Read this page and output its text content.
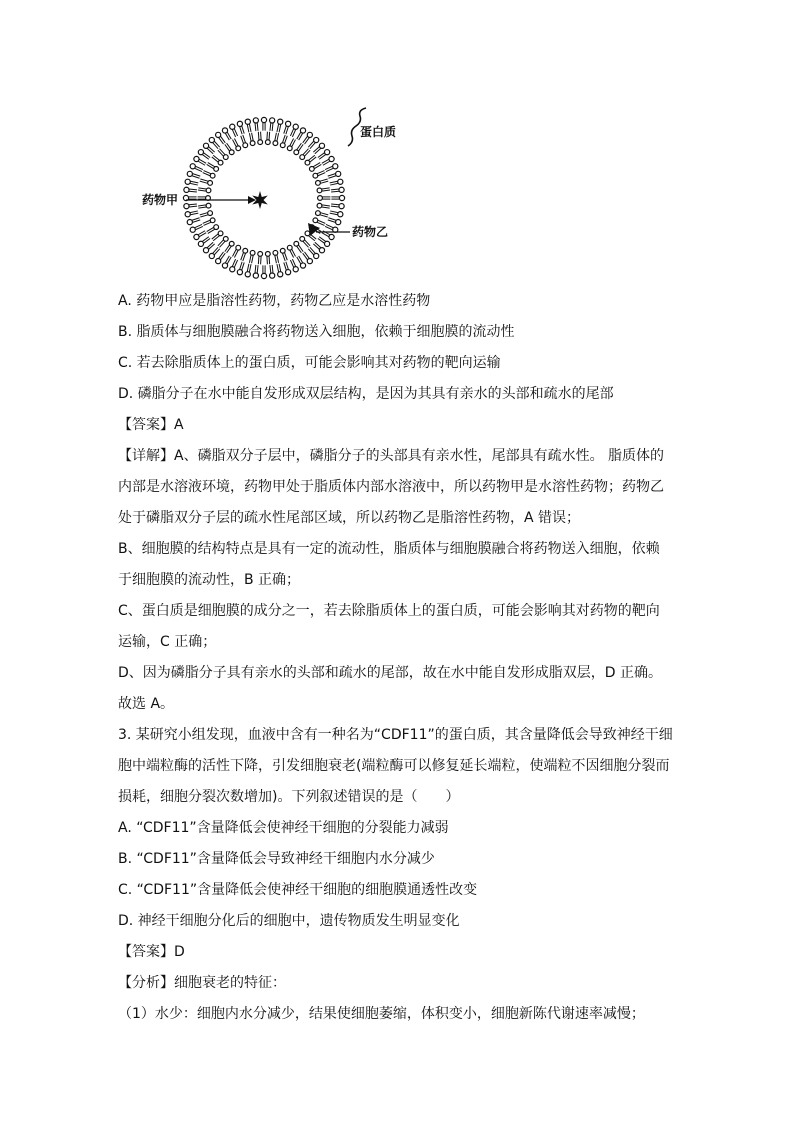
蛋白质
药物甲
药物乙
A. 药物甲应是脂溶性药物，药物乙应是水溶性药物
B. 脂质体与细胞膜融合将药物送入细胞，依赖于细胞膜的流动性
C. 若去除脂质体上的蛋白质，可能会影响其对药物的靶向运输
D. 磷脂分子在水中能自发形成双层结构，是因为其具有亲水的头部和疏水的尾部
【答案】A
【详解】A、磷脂双分子层中，磷脂分子的头部具有亲水性，尾部具有疏水性。 脂质体的
内部是水溶液环境，药物甲处于脂质体内部水溶液中，所以药物甲是水溶性药物；药物乙
处于磷脂双分子层的疏水性尾部区域，所以药物乙是脂溶性药物，A 错误；
B、细胞膜的结构特点是具有一定的流动性，脂质体与细胞膜融合将药物送入细胞，依赖
于细胞膜的流动性，B 正确；
C、蛋白质是细胞膜的成分之一，若去除脂质体上的蛋白质，可能会影响其对药物的靶向
运输，C 正确；
D、因为磷脂分子具有亲水的头部和疏水的尾部，故在水中能自发形成脂双层，D 正确。
故选 A。
3. 某研究小组发现，血液中含有一种名为“CDF11”的蛋白质，其含量降低会导致神经干细
胞中端粒酶的活性下降，引发细胞衰老(端粒酶可以修复延长端粒，使端粒不因细胞分裂而
损耗，细胞分裂次数增加)。下列叙述错误的是（　　）
A. “CDF11”含量降低会使神经干细胞的分裂能力减弱
B. “CDF11”含量降低会导致神经干细胞内水分减少
C. “CDF11”含量降低会使神经干细胞的细胞膜通透性改变
D. 神经干细胞分化后的细胞中，遗传物质发生明显变化
【答案】D
【分析】细胞衰老的特征：
（1）水少：细胞内水分减少，结果使细胞萎缩，体积变小，细胞新陈代谢速率减慢；
